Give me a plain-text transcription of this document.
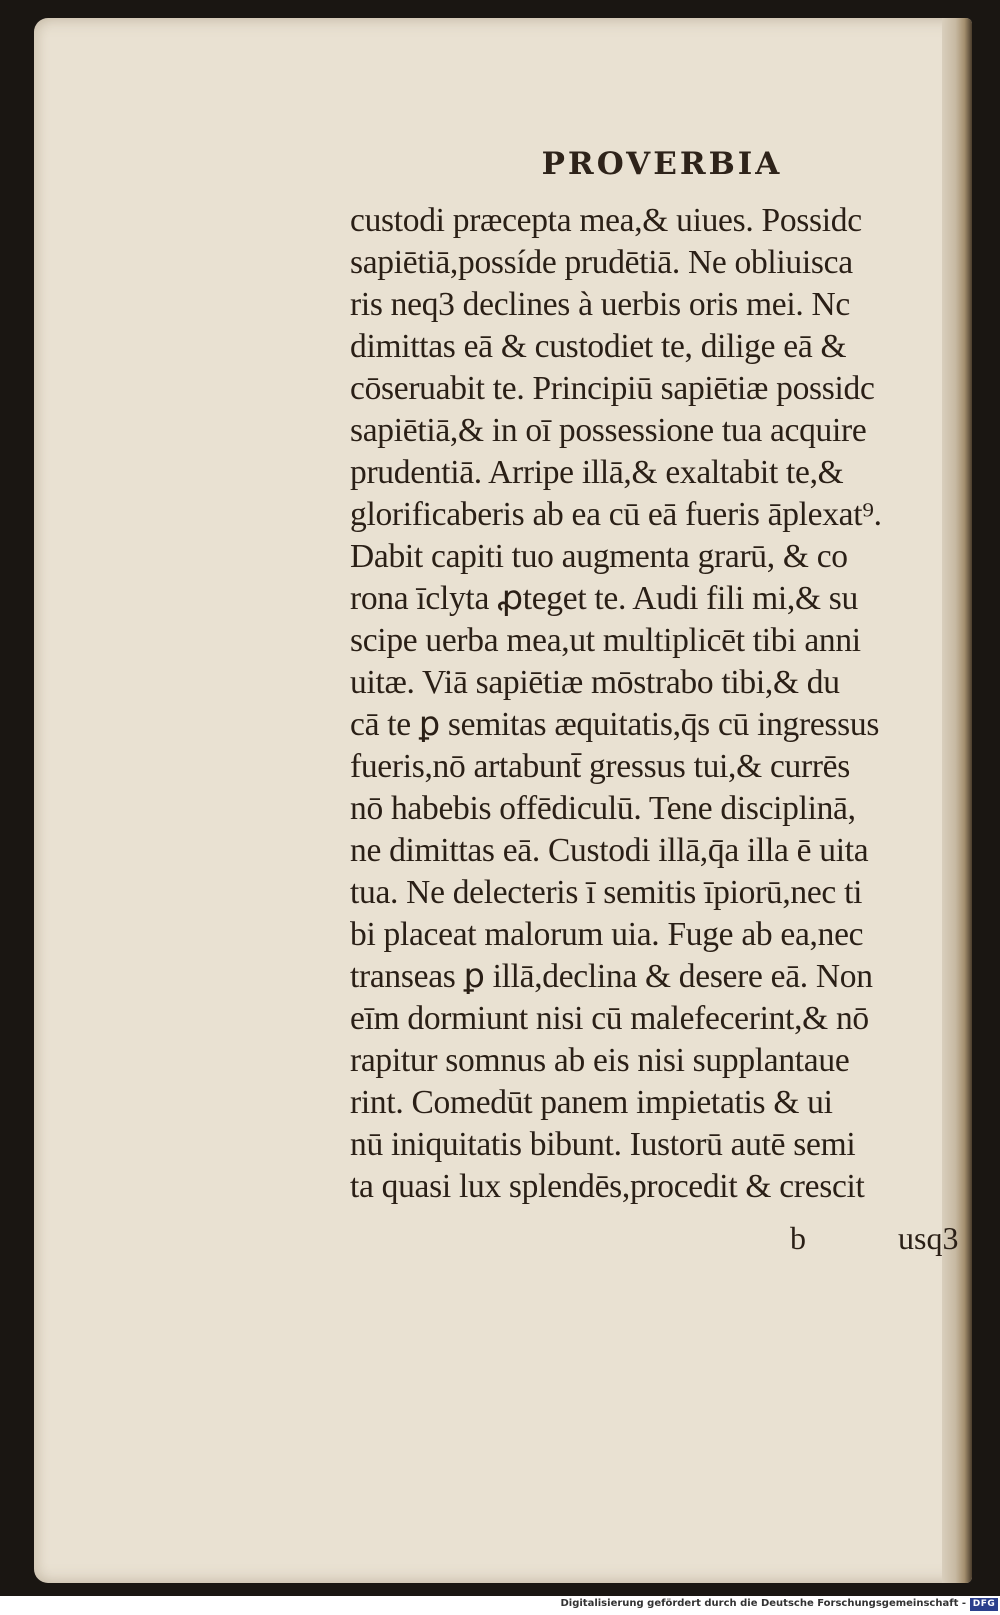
PROVERBIA
custodi præcepta mea,& uiues. Possidc
sapiētiā,possíde prudētiā. Ne obliuisca
ris neq3 declines à uerbis oris mei. Nc
dimittas eā & custodiet te, dilige eā &
cōseruabit te. Principiū sapiētiæ possidc
sapiētiā,& in oī possessione tua acquire
prudentiā. Arripe illā,& exaltabit te,&
glorificaberis ab ea cū eā fueris āplexat⁹.
Dabit capiti tuo augmenta grarū, & co
rona īclyta ꝓteget te. Audi fili mi,& su
scipe uerba mea,ut multiplicēt tibi anni
uitæ. Viā sapiētiæ mōstrabo tibi,& du
cā te ꝑ semitas æquitatis,q̄s cū ingressus
fueris,nō artabunt̄ gressus tui,& currēs
nō habebis offēdiculū. Tene disciplinā,
ne dimittas eā. Custodi illā,q̄a illa ē uita
tua. Ne delecteris ī semitis īpiorū,nec ti
bi placeat malorum uia. Fuge ab ea,nec
transeas ꝑ illā,declina & desere eā. Non
eīm dormiunt nisi cū malefecerint,& nō
rapitur somnus ab eis nisi supplantaue
rint. Comedūt panem impietatis & ui
nū iniquitatis bibunt. Iustorū autē semi
ta quasi lux splendēs,procedit & crescit
b	usq3
Digitalisierung gefördert durch die Deutsche Forschungsgemeinschaft - DFG
